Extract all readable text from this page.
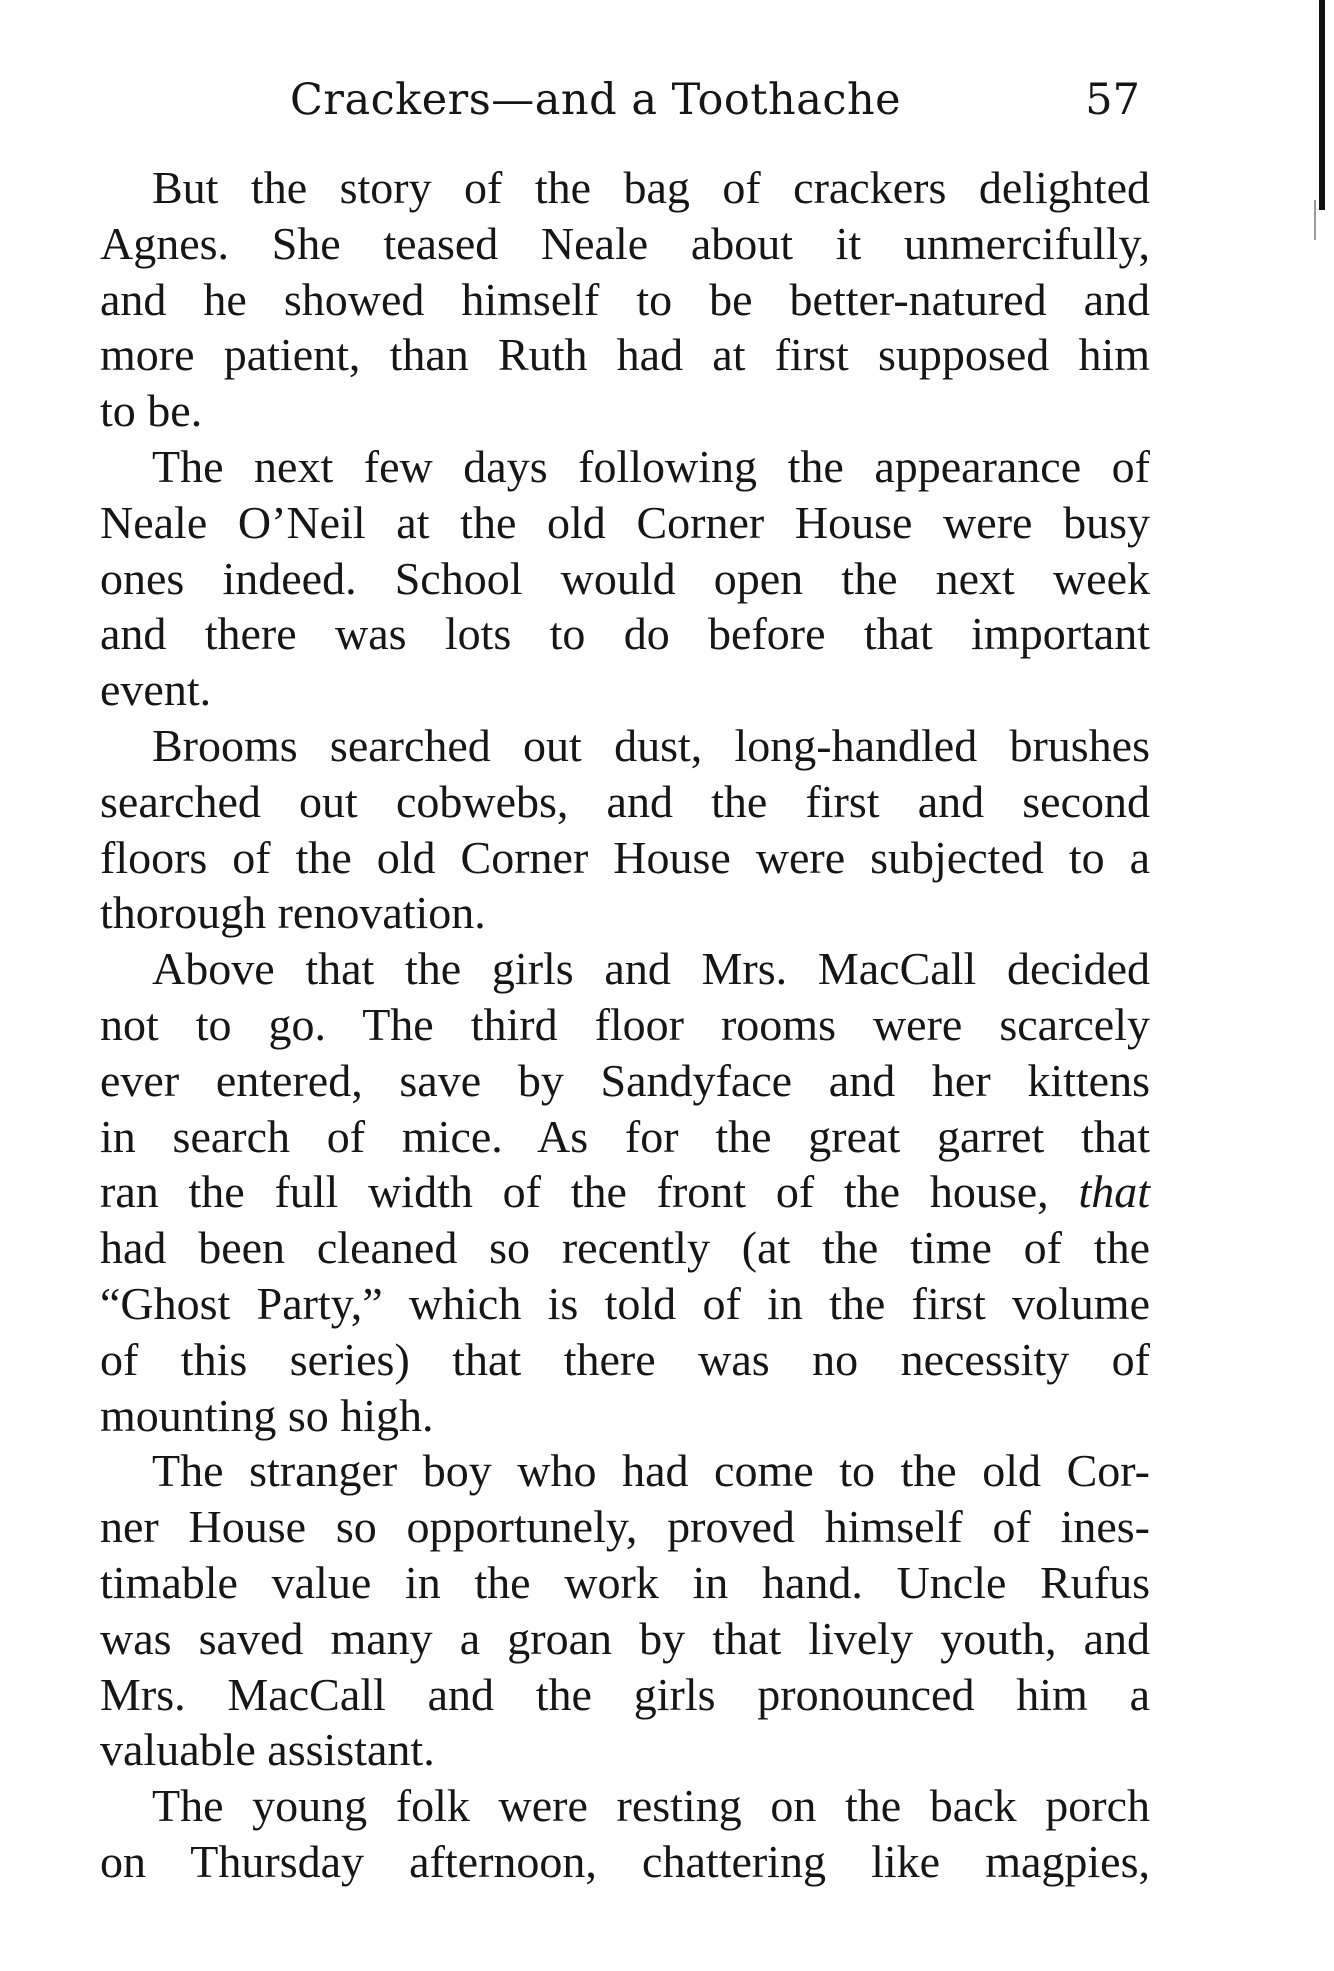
Crackers—and a Toothache	57
But the story of the bag of crackers delighted
Agnes. She teased Neale about it unmercifully,
and he showed himself to be better-natured and
more patient, than Ruth had at first supposed him
to be.
The next few days following the appearance of
Neale O’Neil at the old Corner House were busy
ones indeed. School would open the next week
and there was lots to do before that important
event.
Brooms searched out dust, long-handled brushes
searched out cobwebs, and the first and second
floors of the old Corner House were subjected to a
thorough renovation.
Above that the girls and Mrs. MacCall decided
not to go. The third floor rooms were scarcely
ever entered, save by Sandyface and her kittens
in search of mice. As for the great garret that
ran the full width of the front of the house, that
had been cleaned so recently (at the time of the
“Ghost Party,” which is told of in the first volume
of this series) that there was no necessity of
mounting so high.
The stranger boy who had come to the old Cor-
ner House so opportunely, proved himself of ines-
timable value in the work in hand. Uncle Rufus
was saved many a groan by that lively youth, and
Mrs. MacCall and the girls pronounced him a
valuable assistant.
The young folk were resting on the back porch
on Thursday afternoon, chattering like magpies,
